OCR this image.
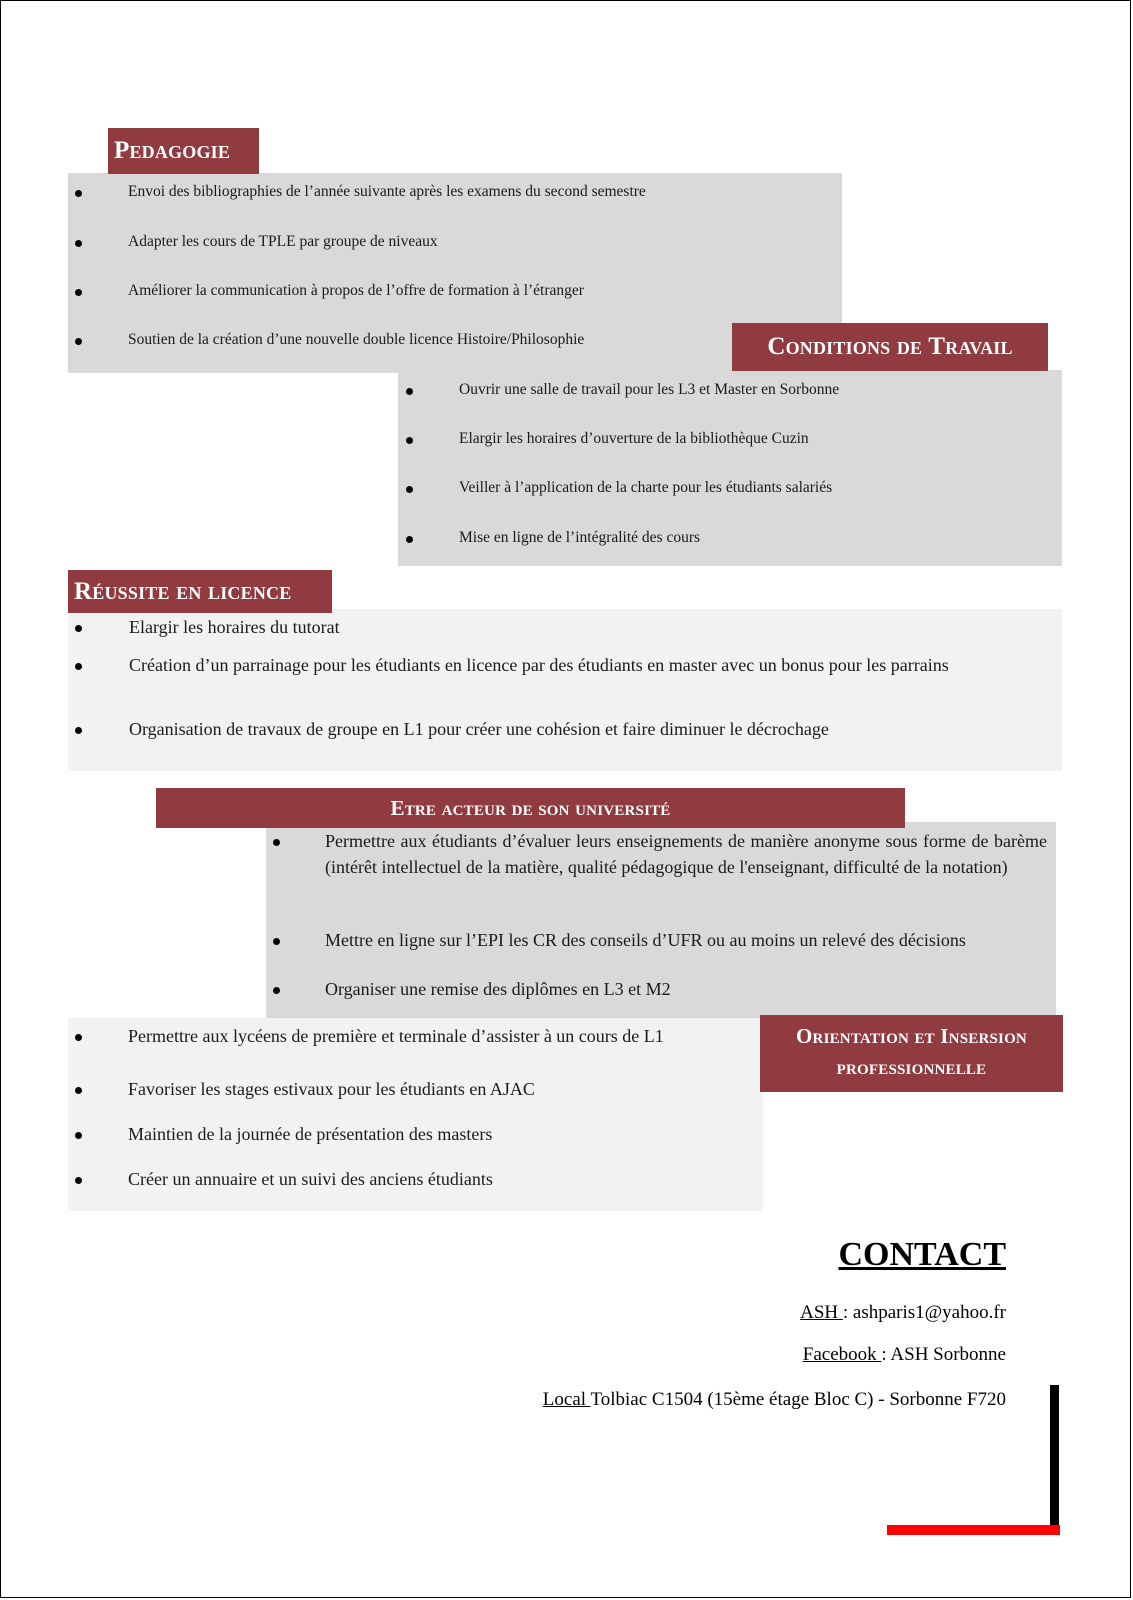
Pedagogie
Envoi des bibliographies de l’année suivante après les examens du second semestre
Adapter les cours de TPLE par groupe de niveaux
Améliorer la communication à propos de l’offre de formation à l’étranger
Soutien de la création d’une nouvelle double licence Histoire/Philosophie	Conditions de Travail
Ouvrir une salle de travail pour les L3 et Master en Sorbonne
Elargir les horaires d’ouverture de la bibliothèque Cuzin
Veiller à l’application de la charte pour les étudiants salariés
Mise en ligne de l’intégralité des cours
Réussite en licence
Elargir les horaires du tutorat
Création d’un parrainage pour les étudiants en licence par des étudiants en master avec un bonus pour les parrains
Organisation de travaux de groupe en L1 pour créer une cohésion et faire diminuer le décrochage
Etre acteur de son université
Permettre aux étudiants d’évaluer leurs enseignements de manière anonyme sous forme de barème (intérêt intellectuel de la matière, qualité pédagogique de l'enseignant, difficulté de la notation)
Mettre en ligne sur l’EPI les CR des conseils d’UFR ou au moins un relevé des décisions
Organiser une remise des diplômes en L3 et M2
Orientation et Insersion
professionnelle
Permettre aux lycéens de première et terminale d’assister à un cours de L1
Favoriser les stages estivaux pour les étudiants en AJAC
Maintien de la journée de présentation des masters
Créer un annuaire et un suivi des anciens étudiants
CONTACT
ASH : ashparis1@yahoo.fr
Facebook : ASH Sorbonne
Local Tolbiac C1504 (15ème étage Bloc C) - Sorbonne F720
